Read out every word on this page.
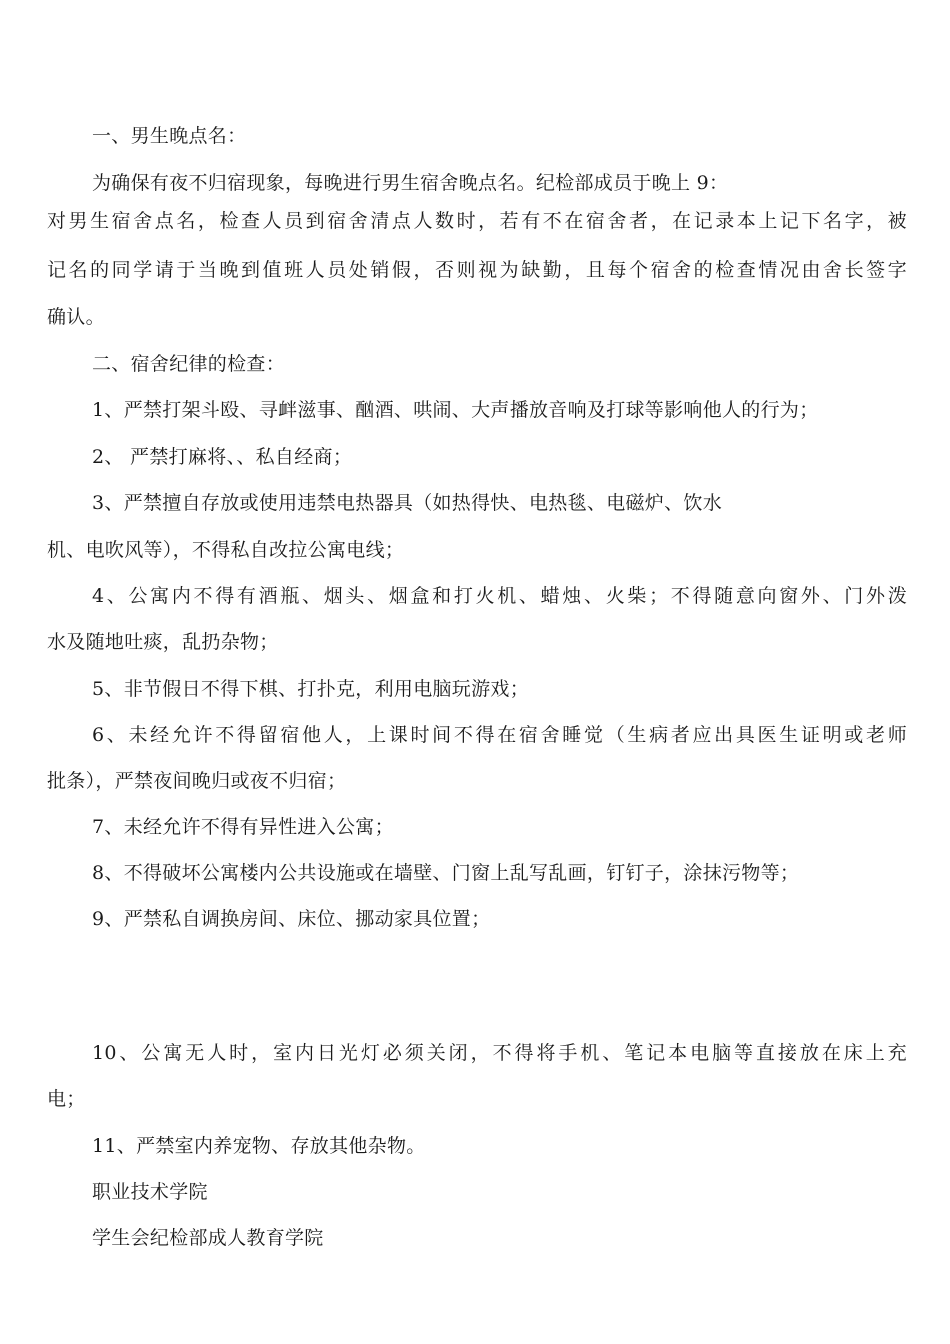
一、男生晚点名：
为确保有夜不归宿现象，每晚进行男生宿舍晚点名。纪检部成员于晚上 9：
对男生宿舍点名，检查人员到宿舍清点人数时，若有不在宿舍者，在记录本上记下名字，被
记名的同学请于当晚到值班人员处销假，否则视为缺勤，且每个宿舍的检查情况由舍长签字
确认。
二、宿舍纪律的检查：
1、严禁打架斗殴、寻衅滋事、酗酒、哄闹、大声播放音响及打球等影响他人的行为；
2、 严禁打麻将、、私自经商；
3、严禁擅自存放或使用违禁电热器具（如热得快、电热毯、电磁炉、饮水
机、电吹风等），不得私自改拉公寓电线；
4、公寓内不得有酒瓶、烟头、烟盒和打火机、蜡烛、火柴；不得随意向窗外、门外泼
水及随地吐痰，乱扔杂物；
5、非节假日不得下棋、打扑克，利用电脑玩游戏；
6、未经允许不得留宿他人，上课时间不得在宿舍睡觉（生病者应出具医生证明或老师
批条），严禁夜间晚归或夜不归宿；
7、未经允许不得有异性进入公寓；
8、不得破坏公寓楼内公共设施或在墙壁、门窗上乱写乱画，钉钉子，涂抹污物等；
9、严禁私自调换房间、床位、挪动家具位置；
10、公寓无人时，室内日光灯必须关闭，不得将手机、笔记本电脑等直接放在床上充
电；
11、严禁室内养宠物、存放其他杂物。
职业技术学院
学生会纪检部成人教育学院
